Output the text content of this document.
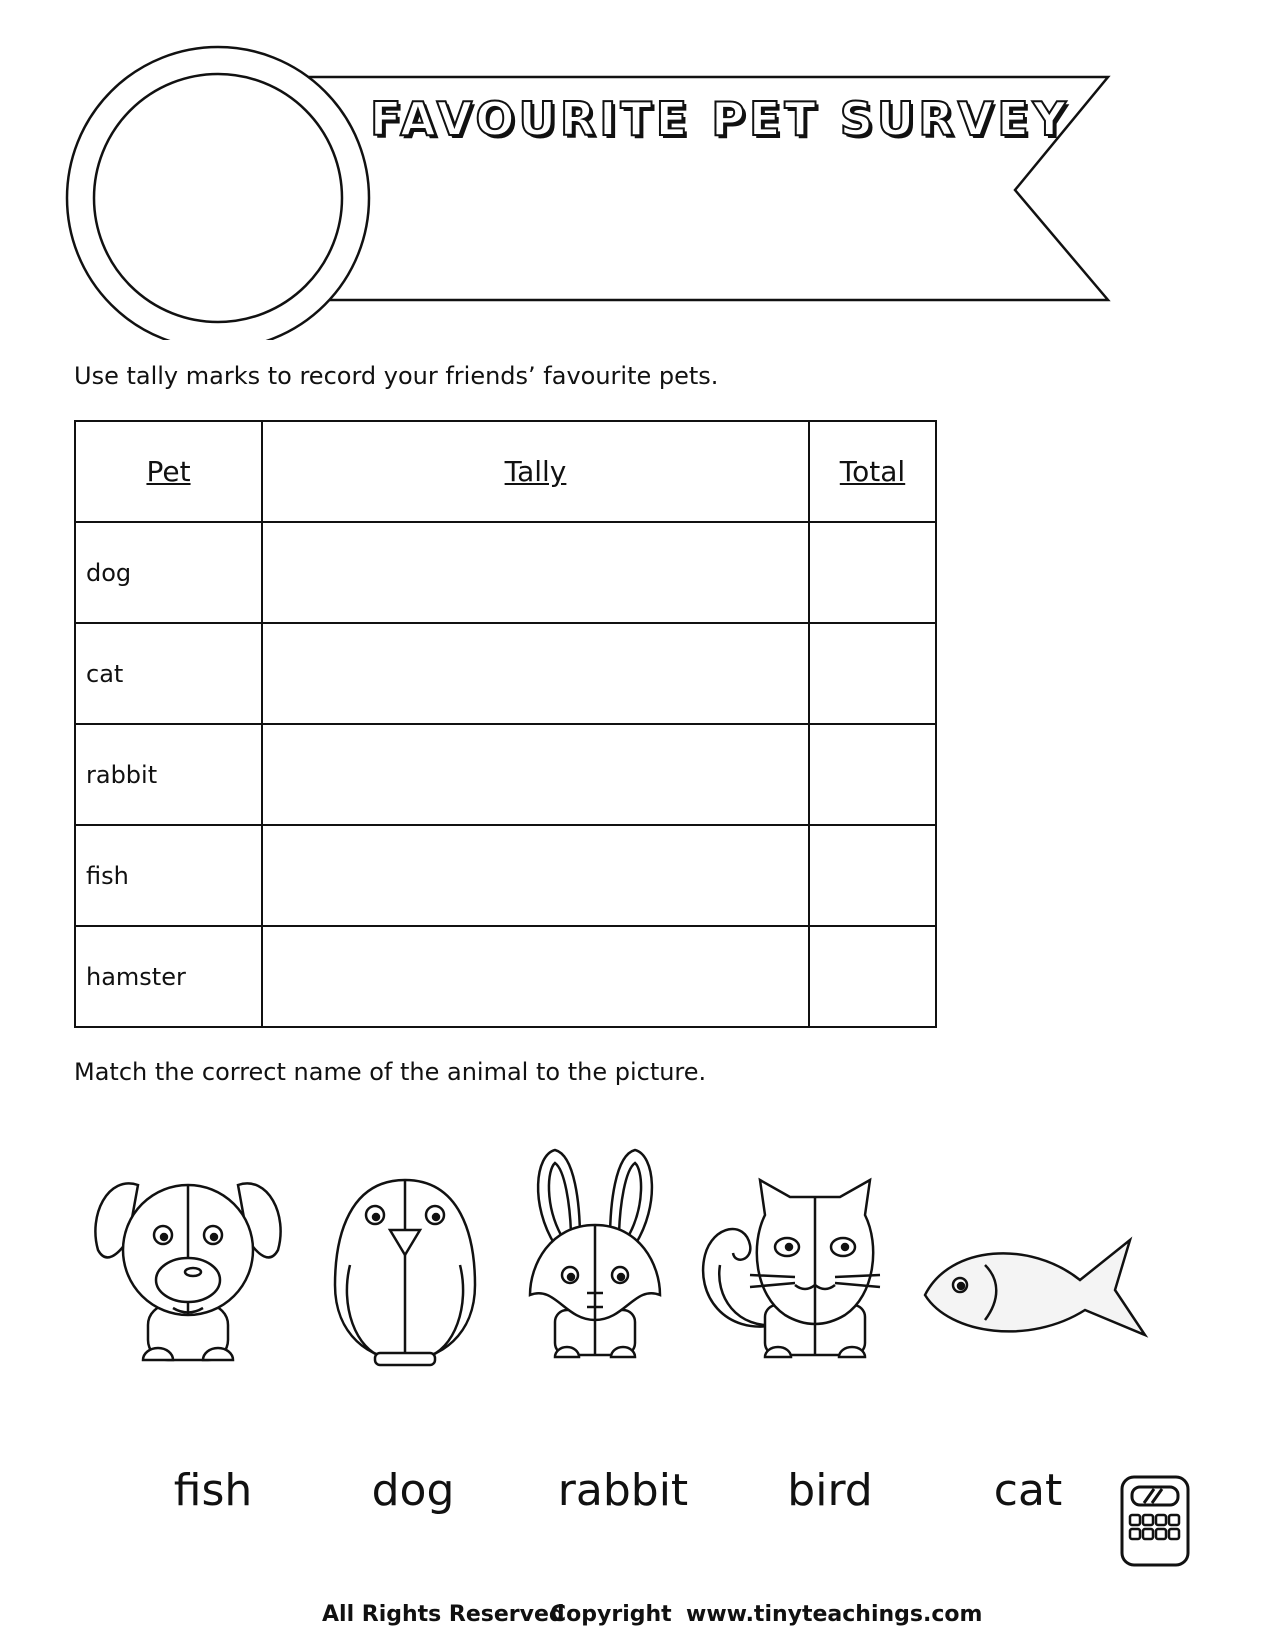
FAVOURITE PET SURVEY
Use tally marks to record your friends’ favourite pets.
Pet	Tally	Total
dog		
cat		
rabbit		
fish		
hamster		
Match the correct name of the animal to the picture.
fish	dog	rabbit	bird	cat
All Rights Reserved
Copyright www.tinyteachings.com
